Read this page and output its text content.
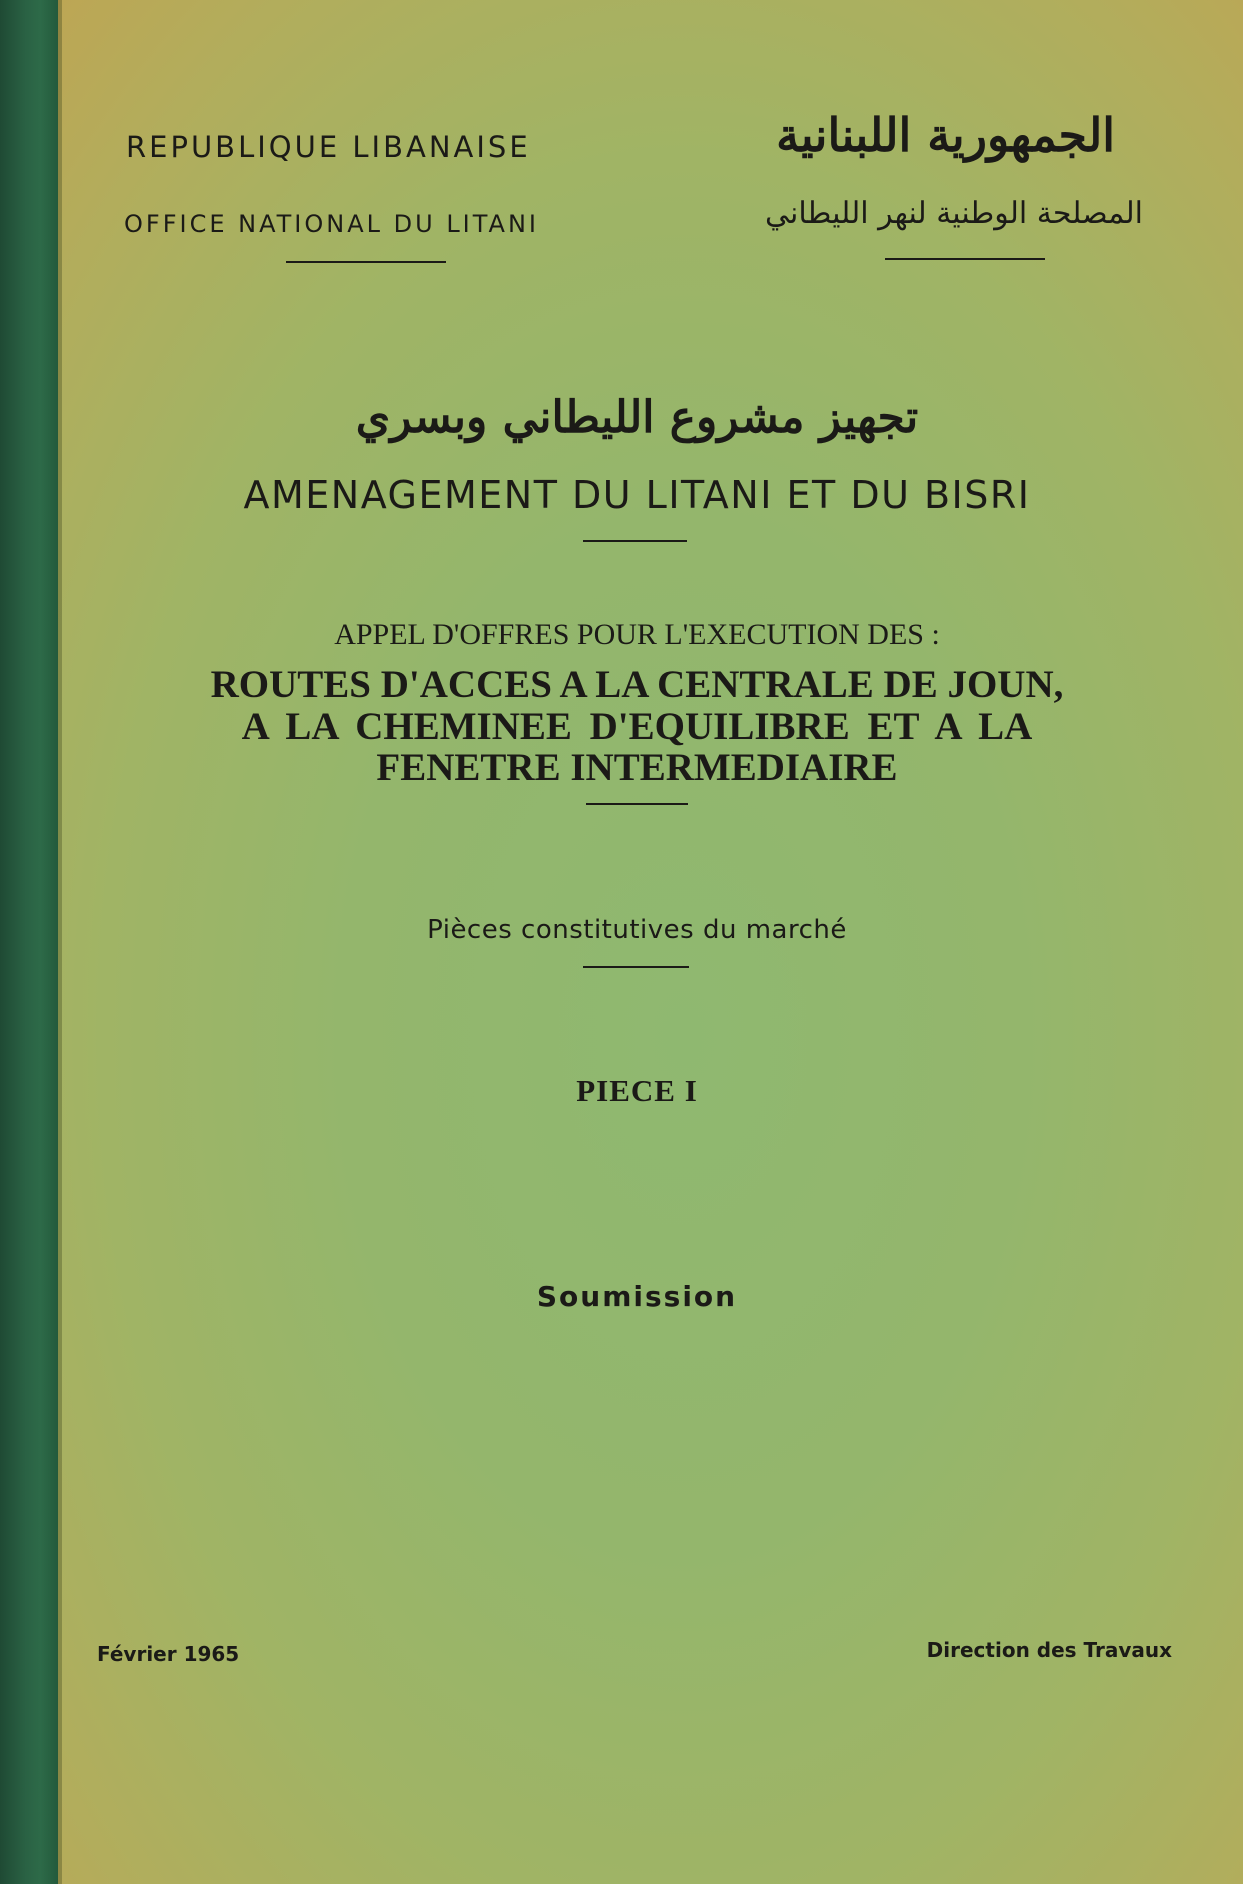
REPUBLIQUE LIBANAISE
OFFICE NATIONAL DU LITANI
الجمهورية اللبنانية
المصلحة الوطنية لنهر الليطاني
تجهيز مشروع الليطاني وبسري
AMENAGEMENT DU LITANI ET DU BISRI
APPEL D'OFFRES POUR L'EXECUTION DES :
ROUTES D'ACCES A LA CENTRALE DE JOUN,
A LA CHEMINEE D'EQUILIBRE ET A LA
FENETRE INTERMEDIAIRE
Pièces constitutives du marché
PIECE I
Soumission
Février 1965	Direction des Travaux
